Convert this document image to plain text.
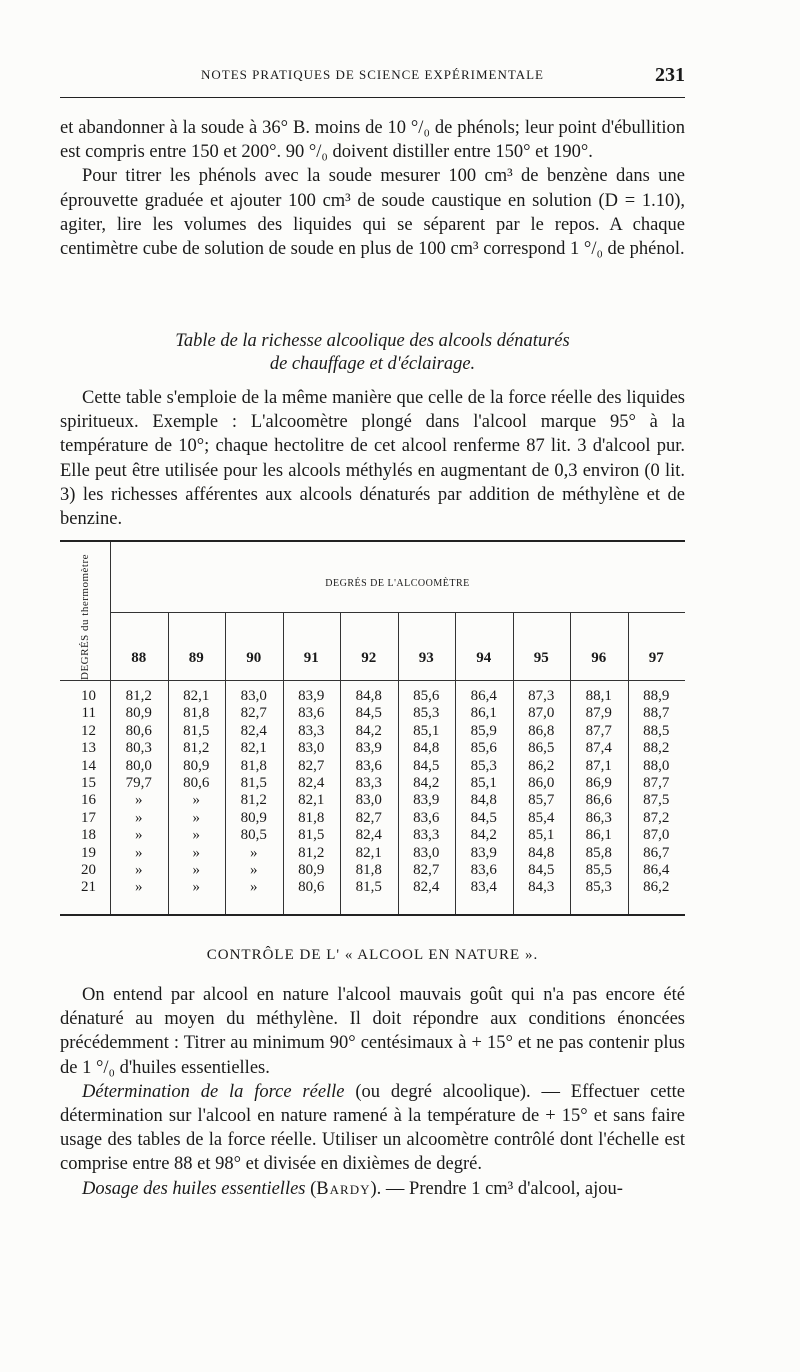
NOTES PRATIQUES DE SCIENCE EXPÉRIMENTALE	231

et abandonner à la soude à 36° B. moins de 10 °/₀ de phénols; leur point d'ébullition est compris entre 150 et 200°. 90 °/₀ doivent distiller entre 150° et 190°.

Pour titrer les phénols avec la soude mesurer 100 cm³ de benzène dans une éprouvette graduée et ajouter 100 cm³ de soude caustique en solution (D = 1.10), agiter, lire les volumes des liquides qui se séparent par le repos. A chaque centimètre cube de solution de soude en plus de 100 cm³ correspond 1 °/₀ de phénol.

Table de la richesse alcoolique des alcools dénaturés
de chauffage et d'éclairage.

Cette table s'emploie de la même manière que celle de la force réelle des liquides spiritueux. Exemple : L'alcoomètre plongé dans l'alcool marque 95° à la température de 10°; chaque hectolitre de cet alcool renferme 87 lit. 3 d'alcool pur. Elle peut être utilisée pour les alcools méthylés en augmentant de 0,3 environ (0 lit. 3) les richesses afférentes aux alcools dénaturés par addition de méthylène et de benzine.

DEGRÉS du thermomètre	DEGRÉS DE L'ALCOOMÈTRE
88	89	90	91	92	93	94	95	96	97
10	81,2	82,1	83,0	83,9	84,8	85,6	86,4	87,3	88,1	88,9
11	80,9	81,8	82,7	83,6	84,5	85,3	86,1	87,0	87,9	88,7
12	80,6	81,5	82,4	83,3	84,2	85,1	85,9	86,8	87,7	88,5
13	80,3	81,2	82,1	83,0	83,9	84,8	85,6	86,5	87,4	88,2
14	80,0	80,9	81,8	82,7	83,6	84,5	85,3	86,2	87,1	88,0
15	79,7	80,6	81,5	82,4	83,3	84,2	85,1	86,0	86,9	87,7
16	»	»	81,2	82,1	83,0	83,9	84,8	85,7	86,6	87,5
17	»	»	80,9	81,8	82,7	83,6	84,5	85,4	86,3	87,2
18	»	»	80,5	81,5	82,4	83,3	84,2	85,1	86,1	87,0
19	»	»	»	81,2	82,1	83,0	83,9	84,8	85,8	86,7
20	»	»	»	80,9	81,8	82,7	83,6	84,5	85,5	86,4
21	»	»	»	80,6	81,5	82,4	83,4	84,3	85,3	86,2
CONTRÔLE DE L' « ALCOOL EN NATURE ».

On entend par alcool en nature l'alcool mauvais goût qui n'a pas encore été dénaturé au moyen du méthylène. Il doit répondre aux conditions énoncées précédemment : Titrer au minimum 90° centésimaux à + 15° et ne pas contenir plus de 1 °/₀ d'huiles essentielles.

Détermination de la force réelle (ou degré alcoolique). — Effectuer cette détermination sur l'alcool en nature ramené à la température de + 15° et sans faire usage des tables de la force réelle. Utiliser un alcoomètre contrôlé dont l'échelle est comprise entre 88 et 98° et divisée en dixièmes de degré.

Dosage des huiles essentielles (Bardy). — Prendre 1 cm³ d'alcool, ajou-
